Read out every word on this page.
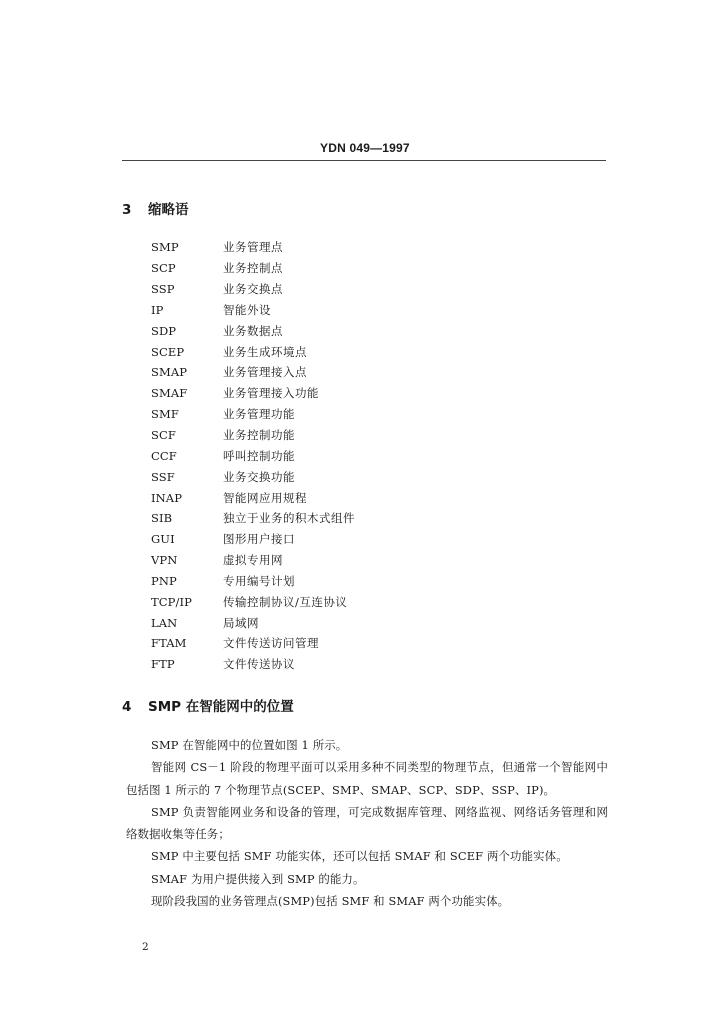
YDN 049—1997
3 缩略语
SMP	业务管理点
SCP	业务控制点
SSP	业务交换点
IP	智能外设
SDP	业务数据点
SCEP	业务生成环境点
SMAP	业务管理接入点
SMAF	业务管理接入功能
SMF	业务管理功能
SCF	业务控制功能
CCF	呼叫控制功能
SSF	业务交换功能
INAP	智能网应用规程
SIB	独立于业务的积木式组件
GUI	图形用户接口
VPN	虚拟专用网
PNP	专用编号计划
TCP/IP	传输控制协议/互连协议
LAN	局域网
FTAM	文件传送访问管理
FTP	文件传送协议
4 SMP 在智能网中的位置

SMP 在智能网中的位置如图 1 所示。

智能网 CS－1 阶段的物理平面可以采用多种不同类型的物理节点，但通常一个智能网中包括图 1 所示的 7 个物理节点(SCEP、SMP、SMAP、SCP、SDP、SSP、IP)。

SMP 负责智能网业务和设备的管理，可完成数据库管理、网络监视、网络话务管理和网络数据收集等任务；

SMP 中主要包括 SMF 功能实体，还可以包括 SMAF 和 SCEF 两个功能实体。

SMAF 为用户提供接入到 SMP 的能力。

现阶段我国的业务管理点(SMP)包括 SMF 和 SMAF 两个功能实体。

2
